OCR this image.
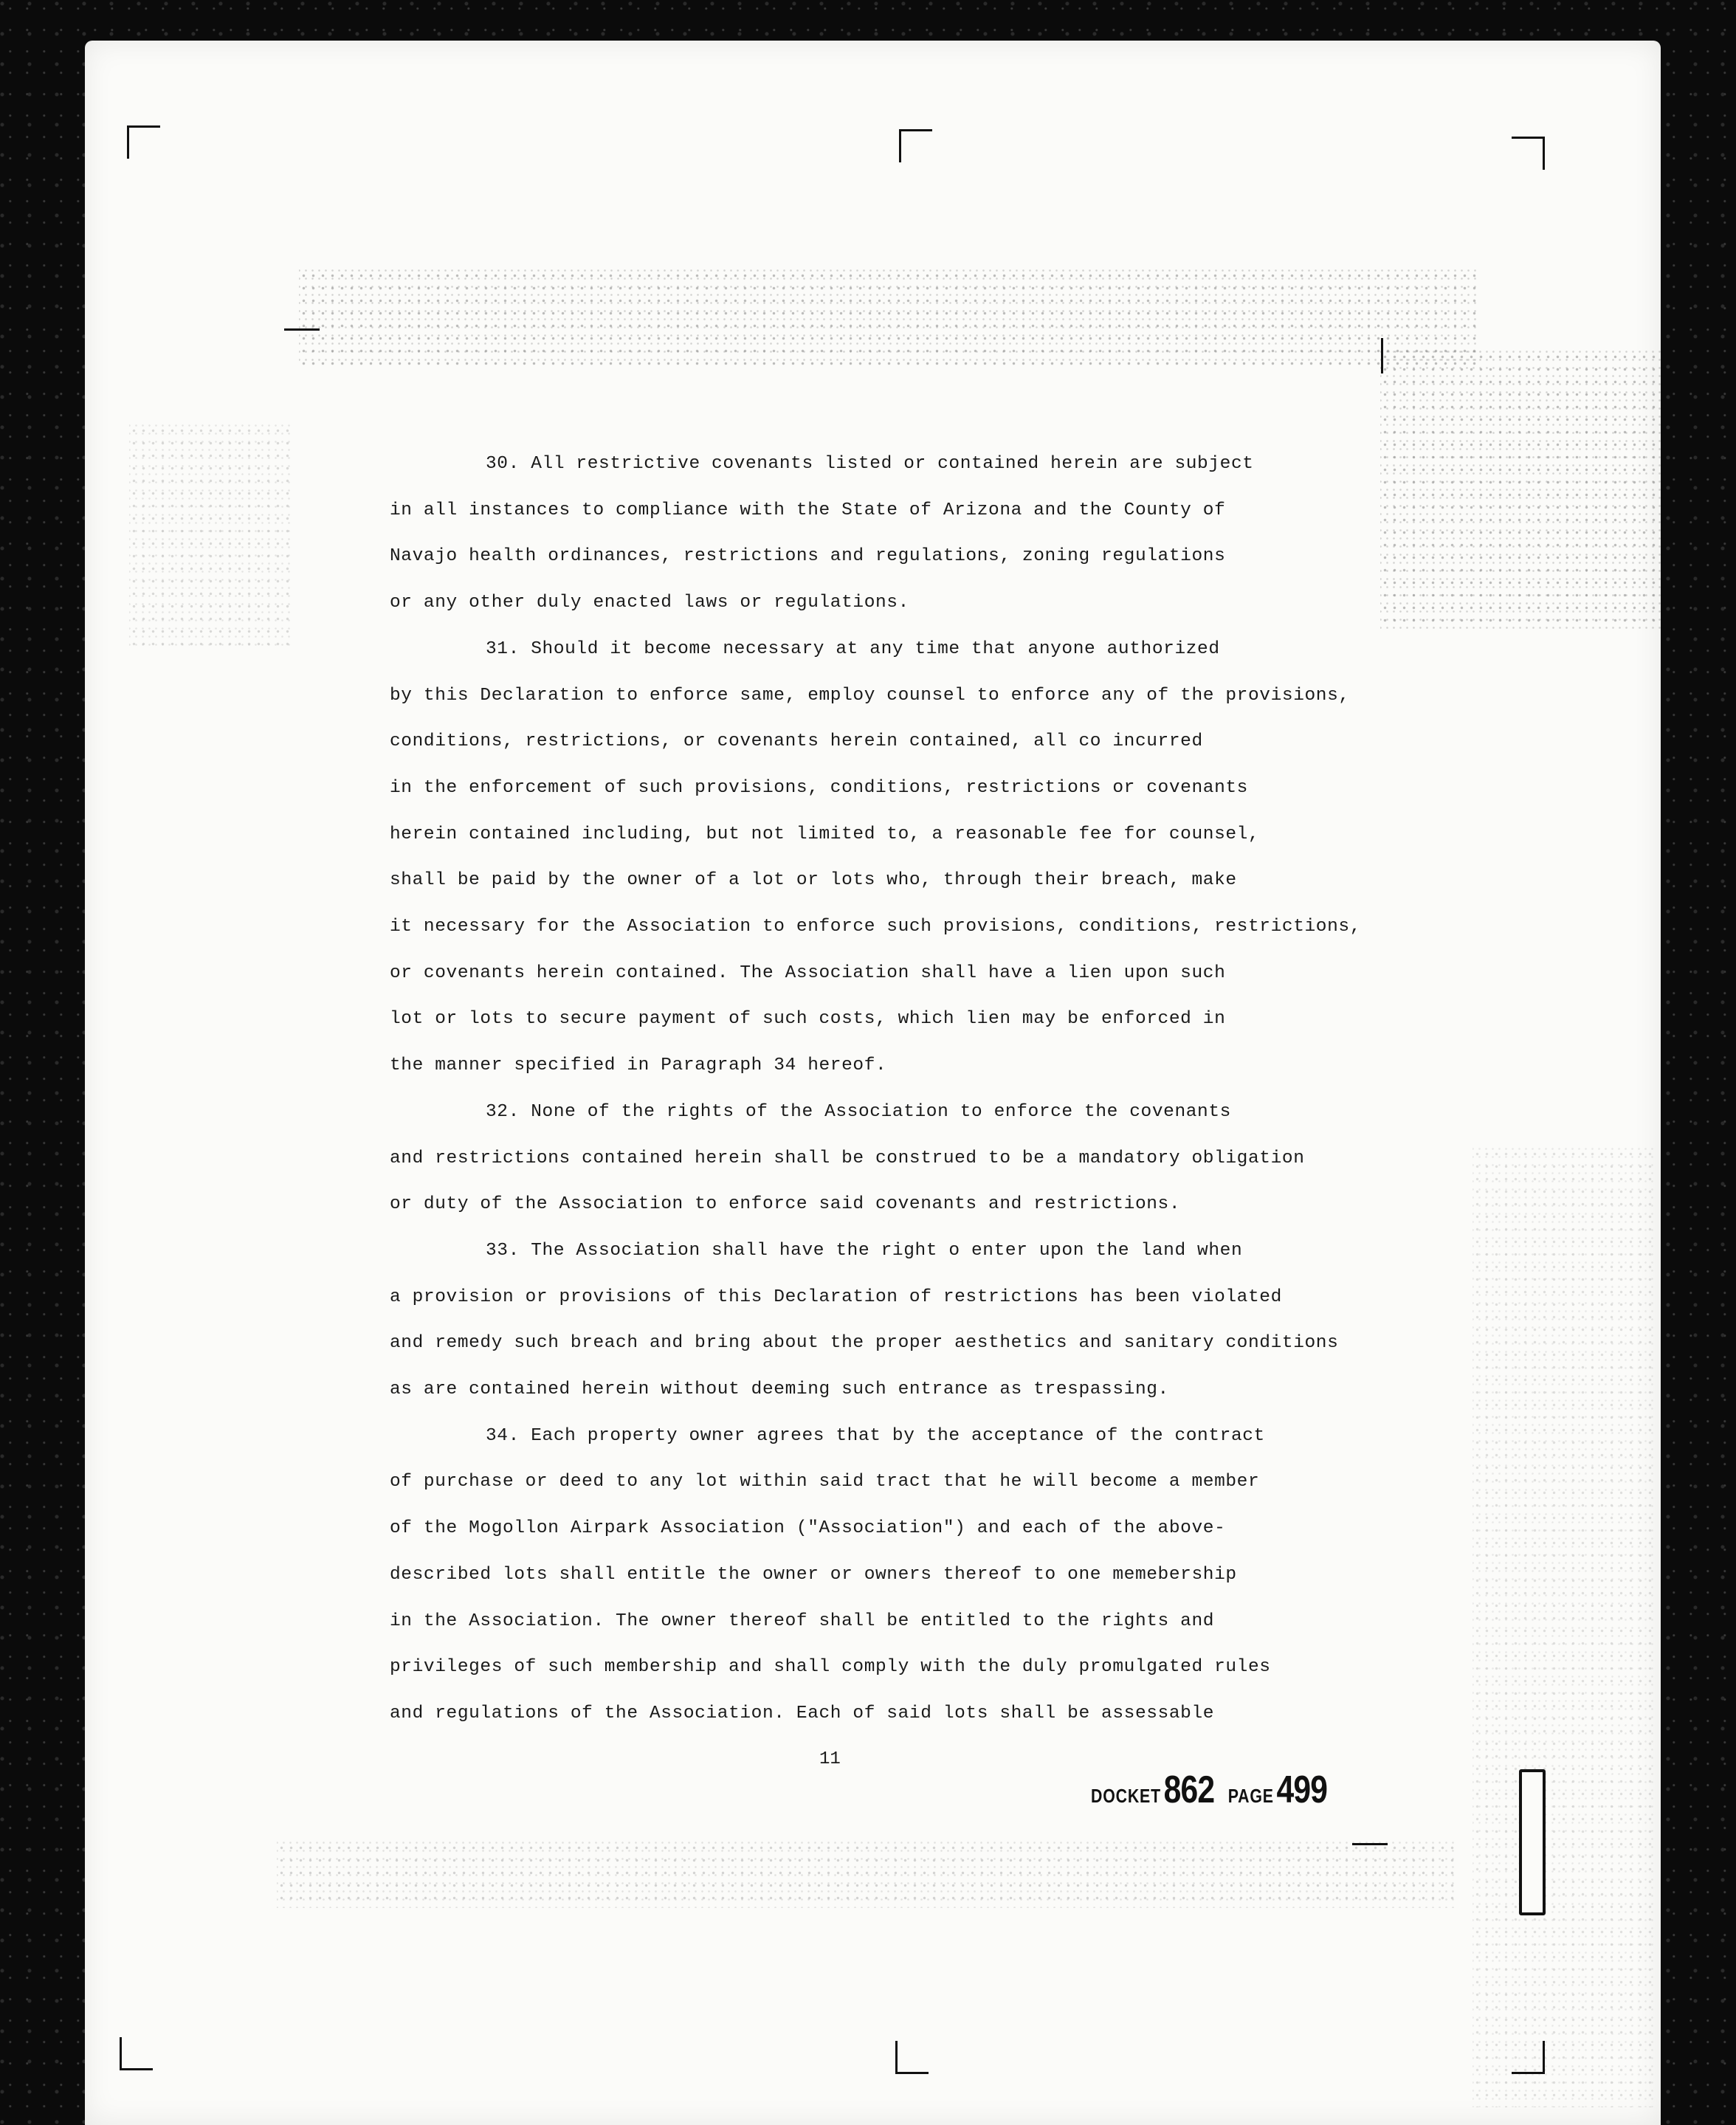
30. All restrictive covenants listed or contained herein are subject
in all instances to compliance with the State of Arizona and the County of
Navajo health ordinances, restrictions and regulations, zoning regulations
or any other duly enacted laws or regulations.

31. Should it become necessary at any time that anyone authorized
by this Declaration to enforce same, employ counsel to enforce any of the provisions,
conditions, restrictions, or covenants herein contained, all co incurred
in the enforcement of such provisions, conditions, restrictions or covenants
herein contained including, but not limited to, a reasonable fee for counsel,
shall be paid by the owner of a lot or lots who, through their breach, make
it necessary for the Association to enforce such provisions, conditions, restrictions,
or covenants herein contained. The Association shall have a lien upon such
lot or lots to secure payment of such costs, which lien may be enforced in
the manner specified in Paragraph 34 hereof.

32. None of the rights of the Association to enforce the covenants
and restrictions contained herein shall be construed to be a mandatory obligation
or duty of the Association to enforce said covenants and restrictions.

33. The Association shall have the right o enter upon the land when
a provision or provisions of this Declaration of restrictions has been violated
and remedy such breach and bring about the proper aesthetics and sanitary conditions
as are contained herein without deeming such entrance as trespassing.

34. Each property owner agrees that by the acceptance of the contract
of purchase or deed to any lot within said tract that he will become a member
of the Mogollon Airpark Association ("Association") and each of the above-
described lots shall entitle the owner or owners thereof to one memebership
in the Association. The owner thereof shall be entitled to the rights and
privileges of such membership and shall comply with the duly promulgated rules
and regulations of the Association. Each of said lots shall be assessable

11
DOCKET 862 PAGE 499
